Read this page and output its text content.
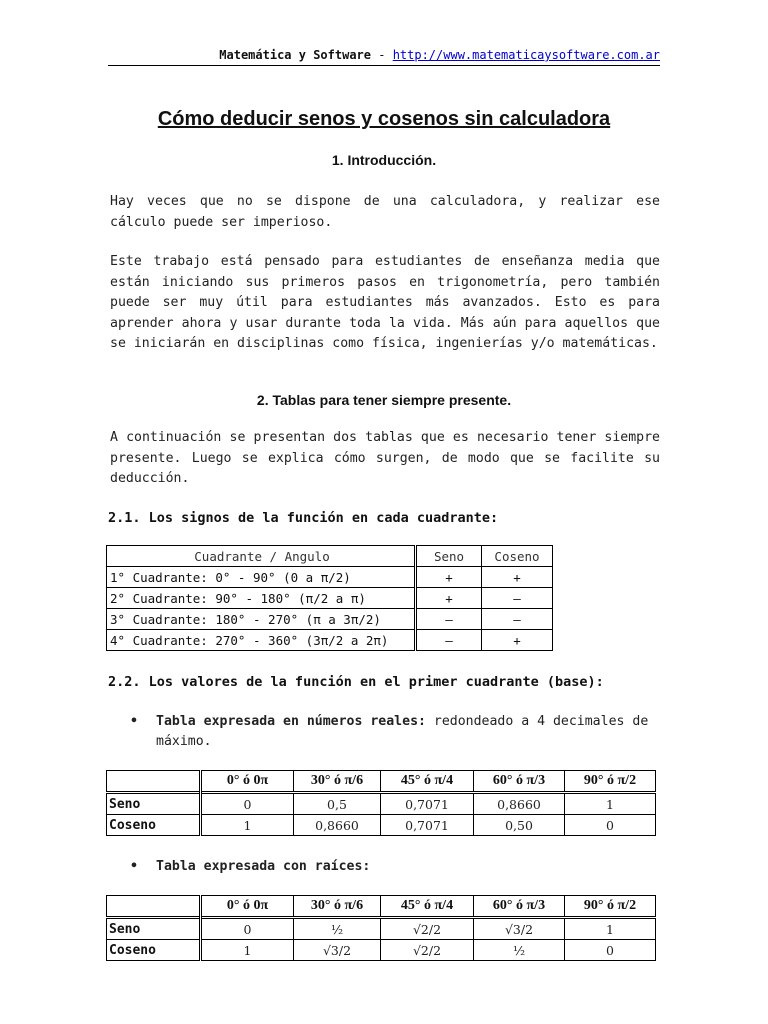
Matemática y Software - http://www.matematicaysoftware.com.ar
Cómo deducir senos y cosenos sin calculadora
1. Introducción.
Hay veces que no se dispone de una calculadora, y realizar ese cálculo puede ser imperioso.
Este trabajo está pensado para estudiantes de enseñanza media que están iniciando sus primeros pasos en trigonometría, pero también puede ser muy útil para estudiantes más avanzados. Esto es para aprender ahora y usar durante toda la vida. Más aún para aquellos que se iniciarán en disciplinas como física, ingenierías y/o matemáticas.
2. Tablas para tener siempre presente.
A continuación se presentan dos tablas que es necesario tener siempre presente. Luego se explica cómo surgen, de modo que se facilite su deducción.
2.1. Los signos de la función en cada cuadrante:
Cuadrante / Angulo	Seno	Coseno
1° Cuadrante: 0° - 90° (0 a π/2)	+	+
2° Cuadrante: 90° - 180° (π/2 a π)	+	–
3° Cuadrante: 180° - 270° (π a 3π/2)	–	–
4° Cuadrante: 270° - 360° (3π/2 a 2π)	–	+
2.2. Los valores de la función en el primer cuadrante (base):
• Tabla expresada en números reales: redondeado a 4 decimales de máximo.
	0° ó 0π	30° ó π/6	45° ó π/4	60° ó π/3	90° ó π/2
Seno	0	0,5	0,7071	0,8660	1
Coseno	1	0,8660	0,7071	0,50	0
• Tabla expresada con raíces:
	0° ó 0π	30° ó π/6	45° ó π/4	60° ó π/3	90° ó π/2
Seno	0	½	√2/2	√3/2	1
Coseno	1	√3/2	√2/2	½	0
